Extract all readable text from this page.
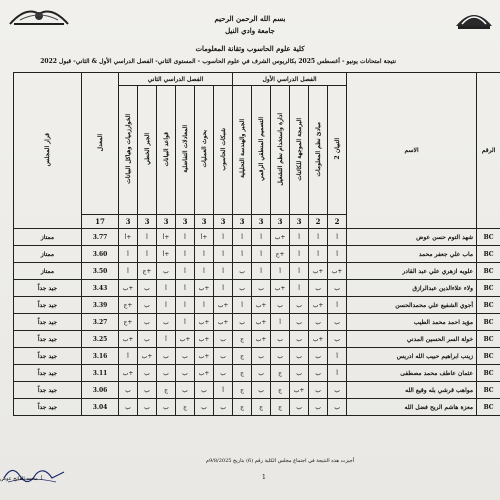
بسم الله الرحمن الرحيم
جامعة وادي النيل
كلية علوم الحاسوب وتقانة المعلومات
نتيجة امتحانات يونيو - أغسطس 2025 بكالريوس الشرف في علوم الحاسوب - المستوى الثاني- الفصل الدراسي الأول & الثاني- قبول 2022
قرار المجلس	المعدل	الفصل الدراسي الثاني						الفصل الدراسي الأول						الاسم	الرقم
		الخوارزميات وهياكل البيانات	الجبر الخطي	قواعد البيانات	المعادلات التفاضلية	بحوث العمليات	شبكات الحاسوب	الجبر والهندسة التحليلية	التصميم المنطقي الرقمي	ادارة واستخدام نظم التشغيل	البرمجة الموجهة للكائنات	مبادئ نظم المعلومات	التبيان 2		
	17	3	3	3	3	3	3	3	3	3	3	2	2		
ممتاز	3.77	أ+	أ	أ+	أ	أ+	أ	أ	أ	ب+	أ	أ	أ	شهد التوم حسن عوض	BC
ممتاز	3.60	أ	أ	أ+	أ	أ	أ	أ	أ	ج+	أ	أ	أ	ماب علي جعفر محمد	BC
ممتاز	3.50	أ	ج+	ب	أ	أ	أ	ب	أ	أ	أ	ب+	ب+	علويه ازهري علي عبد القادر	BC
جيد جداً	3.43	ب+	ب	أ	أ	ب+	أ	ب	ب	ب+	أ	ب	ب	ولاء علاءالدين عبدالرازق	BC
جيد جداً	3.39	ج+	ب	أ	أ	أ	ب+	أ	ب+	ب	ب	ب+	أ	أجوي الشفيع علي محمدالحسن	BC
جيد جداً	3.27	ج+	ب	ب	أ	ب+	ب+	ب	ب+	أ	ب	ب	ب	مؤيد احمد محمد الطيب	BC
جيد جداً	3.25	ب+	ب	أ	ب+	ب+	ب	ج	ب+	ب	ب	ب+	ب	خولة السر الحسين المدني	BC
جيد جداً	3.16	أ	ب+	ب	ب	ب+	ب	ج	ب	ب	ب	ب	أ	زينب ابراهيم حبيب الله ادريس	BC
جيد جداً	3.11	ب+	ب	ب	ب	ب+	ب	ج	ب	ج	ب	ب	أ	عثمان عاطف محمد مصطفى	BC
جيد جداً	3.06	ب	ب	ج	ب	ب	أ	ج	ب	ج	ب+	ب	ب	مواهب قرشي بله وقيع الله	BC
جيد جداً	3.04	ب	ب	ب	ج	ب	ب	ج	ج	ج	ب	ب	ب	معزة هاشم الريح فضل الله	BC
أ. محمد الفاتح عوض
أجيزت هذه النتيجة في اجتماع مجلس الكلية رقم (6) بتاريخ 9/8/2025م
1
